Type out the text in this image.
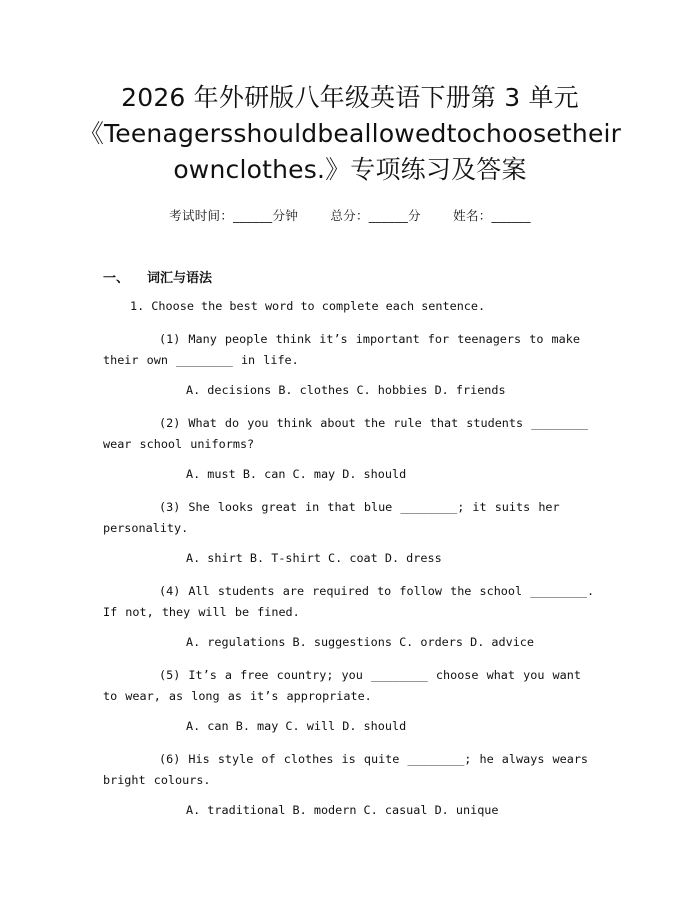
2026 年外研版八年级英语下册第 3 单元
《Teenagersshouldbeallowedtochoosetheir
ownclothes.》专项练习及答案
考试时间：______分钟	总分：______分	姓名：______
一、 词汇与语法
1. Choose the best word to complete each sentence.
(1) Many people think it’s important for teenagers to make their own ________ in life.
A. decisions B. clothes C. hobbies D. friends
(2) What do you think about the rule that students ________ wear school uniforms?
A. must B. can C. may D. should
(3) She looks great in that blue ________; it suits her personality.
A. shirt B. T-shirt C. coat D. dress
(4) All students are required to follow the school ________. If not, they will be fined.
A. regulations B. suggestions C. orders D. advice
(5) It’s a free country; you ________ choose what you want to wear, as long as it’s appropriate.
A. can B. may C. will D. should
(6) His style of clothes is quite ________; he always wears bright colours.
A. traditional B. modern C. casual D. unique
